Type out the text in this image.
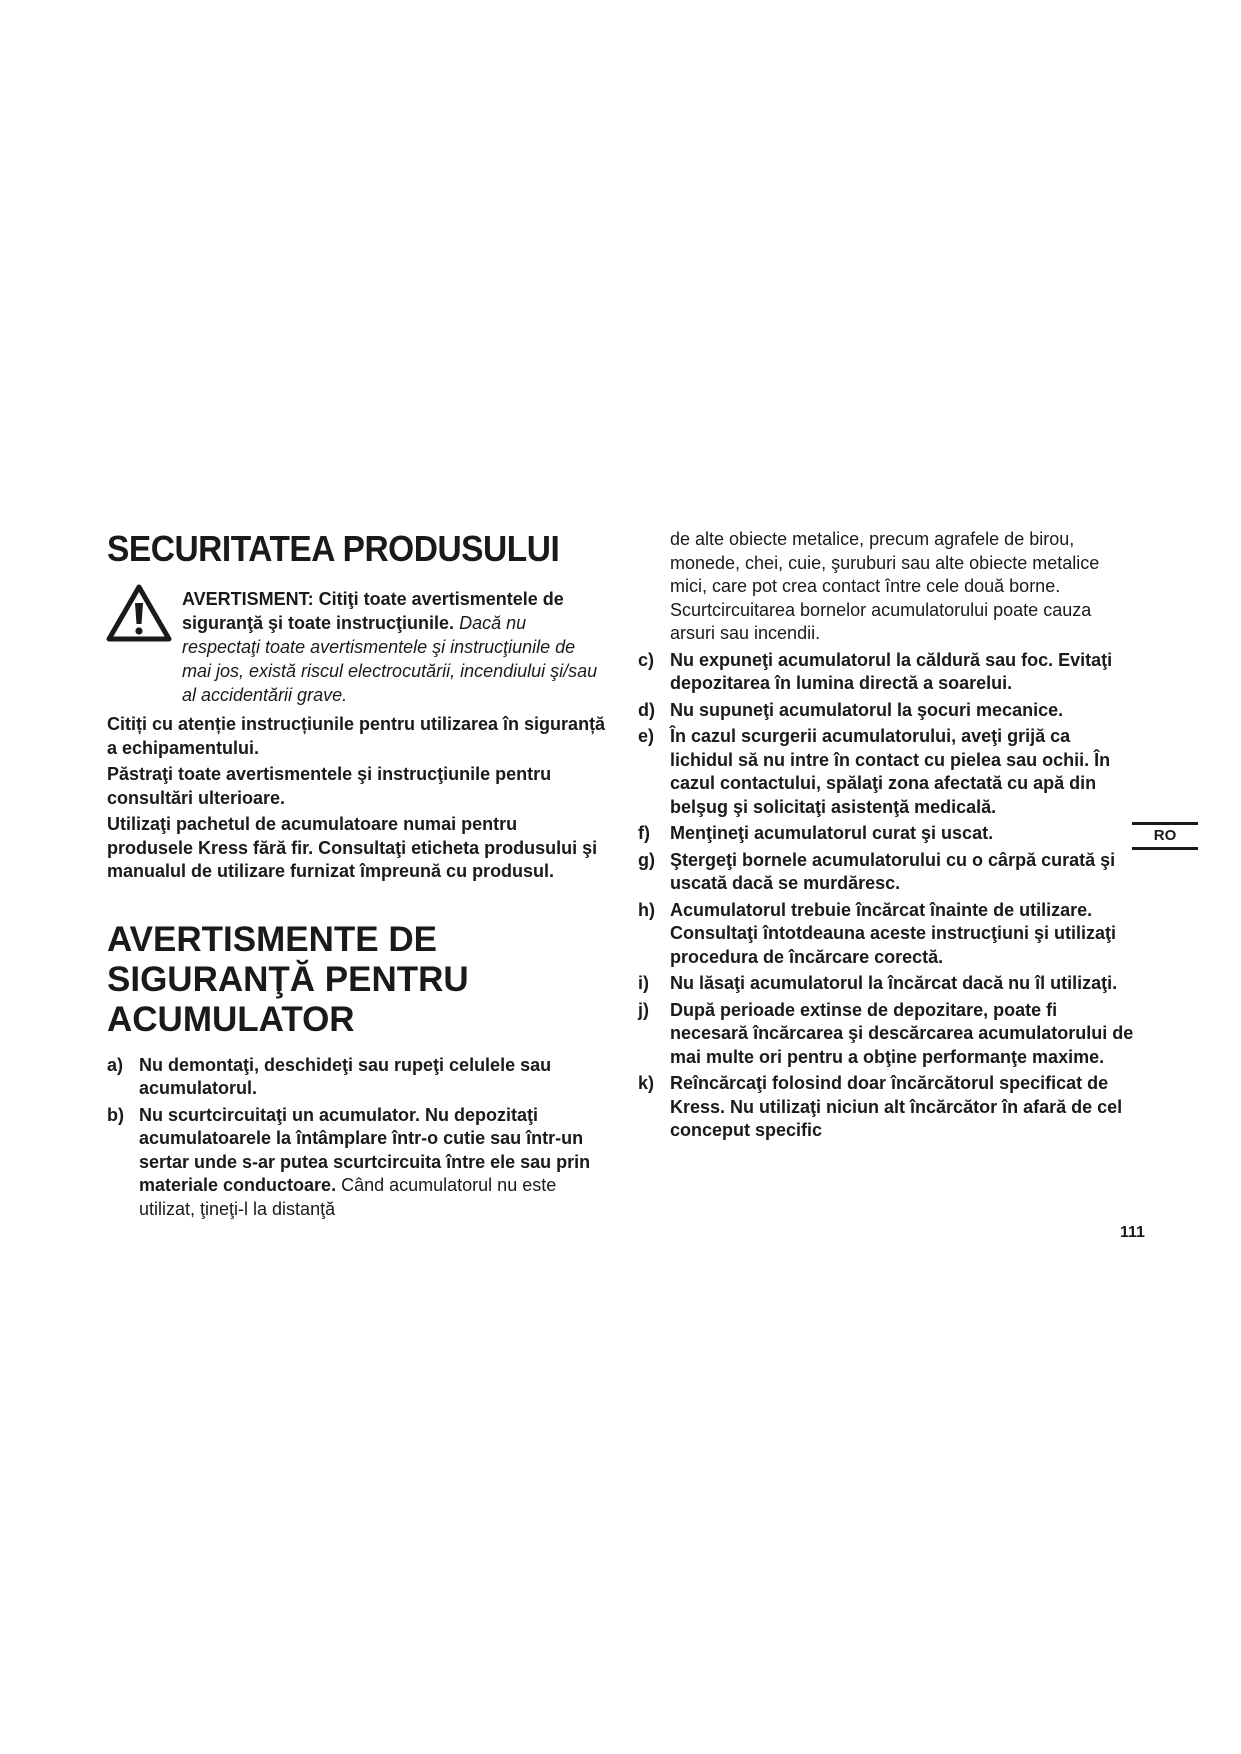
SECURITATEA PRODUSULUI

AVERTISMENT: Citiţi toate avertismentele de siguranţă şi toate instrucţiunile. Dacă nu respectaţi toate avertismentele şi instrucţiunile de mai jos, există riscul electrocutării, incendiului şi/sau al accidentării grave.

Citiți cu atenție instrucțiunile pentru utilizarea în siguranță a echipamentului.

Păstraţi toate avertismentele şi instrucţiunile pentru consultări ulterioare.

Utilizaţi pachetul de acumulatoare numai pentru produsele Kress fără fir. Consultaţi eticheta produsului şi manualul de utilizare furnizat împreună cu produsul.

AVERTISMENTE DE SIGURANŢĂ PENTRU ACUMULATOR
a) Nu demontaţi, deschideţi sau rupeţi celulele sau acumulatorul.
b) Nu scurtcircuitaţi un acumulator. Nu depozitaţi acumulatoarele la întâmplare într-o cutie sau într-un sertar unde s-ar putea scurtcircuita între ele sau prin materiale conductoare. Când acumulatorul nu este utilizat, ţineţi-l la distanţă

de alte obiecte metalice, precum agrafele de birou, monede, chei, cuie, şuruburi sau alte obiecte metalice mici, care pot crea contact între cele două borne. Scurtcircuitarea bornelor acumulatorului poate cauza arsuri sau incendii.

c) Nu expuneţi acumulatorul la căldură sau foc. Evitaţi depozitarea în lumina directă a soarelui.
d) Nu supuneţi acumulatorul la şocuri mecanice.
e) În cazul scurgerii acumulatorului, aveţi grijă ca lichidul să nu intre în contact cu pielea sau ochii. În cazul contactului, spălaţi zona afectată cu apă din belşug şi solicitaţi asistenţă medicală.
f) Menţineţi acumulatorul curat şi uscat.
g) Ştergeţi bornele acumulatorului cu o cârpă curată şi uscată dacă se murdăresc.
h) Acumulatorul trebuie încărcat înainte de utilizare. Consultaţi întotdeauna aceste instrucţiuni şi utilizaţi procedura de încărcare corectă.
i) Nu lăsaţi acumulatorul la încărcat dacă nu îl utilizaţi.
j) După perioade extinse de depozitare, poate fi necesară încărcarea şi descărcarea acumulatorului de mai multe ori pentru a obţine performanţe maxime.
k) Reîncărcaţi folosind doar încărcătorul specificat de Kress. Nu utilizaţi niciun alt încărcător în afară de cel conceput specific
RO
111
